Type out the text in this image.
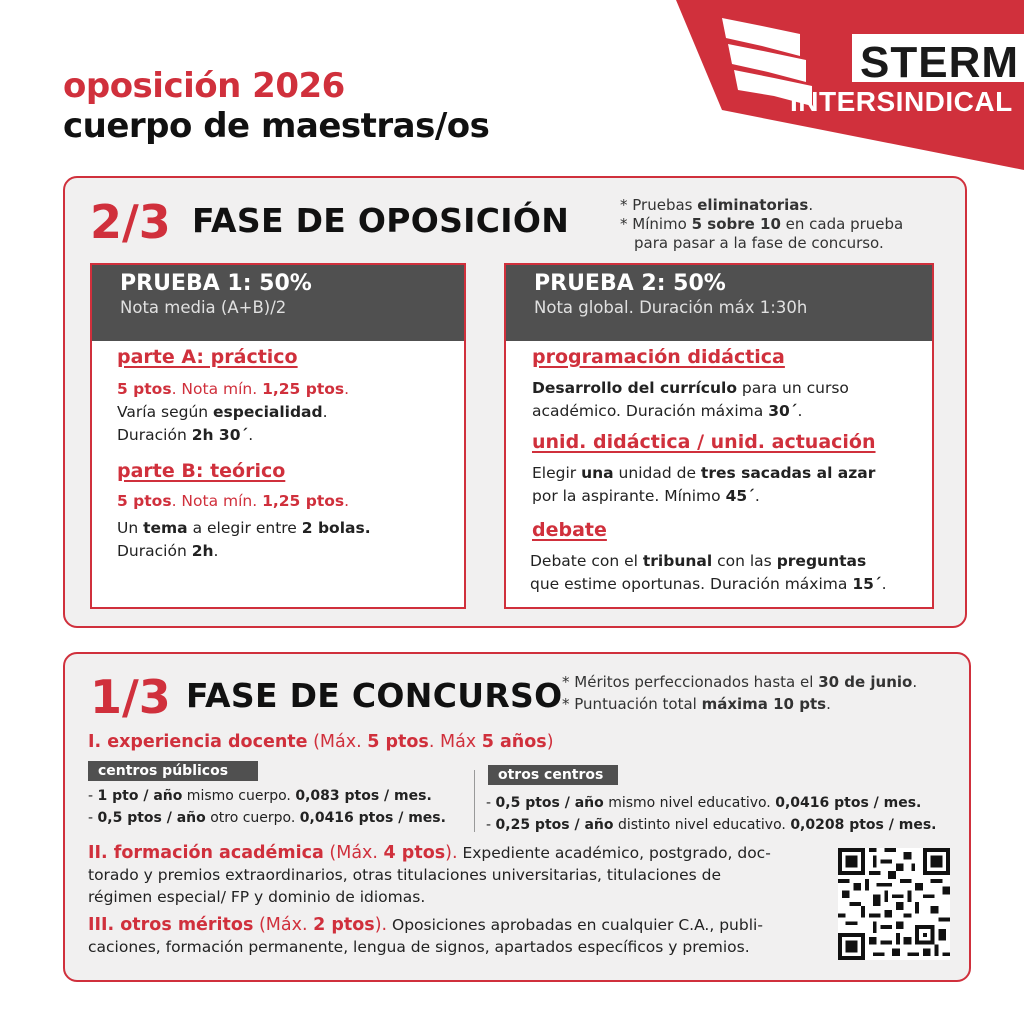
oposición 2026
cuerpo de maestras/os
STERM
INTERSINDICAL
2/3 FASE DE OPOSICIÓN	* Pruebas eliminatorias.
* Mínimo 5 sobre 10 en cada prueba
para pasar a la fase de concurso.
PRUEBA 1: 50%
Nota media (A+B)/2
parte A: práctico
5 ptos. Nota mín. 1,25 ptos.
Varía según especialidad.
Duración 2h 30´.
parte B: teórico
5 ptos. Nota mín. 1,25 ptos.
Un tema a elegir entre 2 bolas.
Duración 2h.
PRUEBA 2: 50%
Nota global. Duración máx 1:30h
programación didáctica
Desarrollo del currículo para un curso
académico. Duración máxima 30´.
unid. didáctica / unid. actuación
Elegir una unidad de tres sacadas al azar
por la aspirante. Mínimo 45´.
debate
Debate con el tribunal con las preguntas
que estime oportunas. Duración máxima 15´.
1/3 FASE DE CONCURSO * Méritos perfeccionados hasta el 30 de junio.
* Puntuación total máxima 10 pts.
I. experiencia docente (Máx. 5 ptos. Máx 5 años)
centros públicos
- 1 pto / año mismo cuerpo. 0,083 ptos / mes.
- 0,5 ptos / año otro cuerpo. 0,0416 ptos / mes.
otros centros
- 0,5 ptos / año mismo nivel educativo. 0,0416 ptos / mes.
- 0,25 ptos / año distinto nivel educativo. 0,0208 ptos / mes.
II. formación académica (Máx. 4 ptos). Expediente académico, postgrado, doc-
torado y premios extraordinarios, otras titulaciones universitarias, titulaciones de
régimen especial/ FP y dominio de idiomas.
III. otros méritos (Máx. 2 ptos). Oposiciones aprobadas en cualquier C.A., publi-
caciones, formación permanente, lengua de signos, apartados específicos y premios.
